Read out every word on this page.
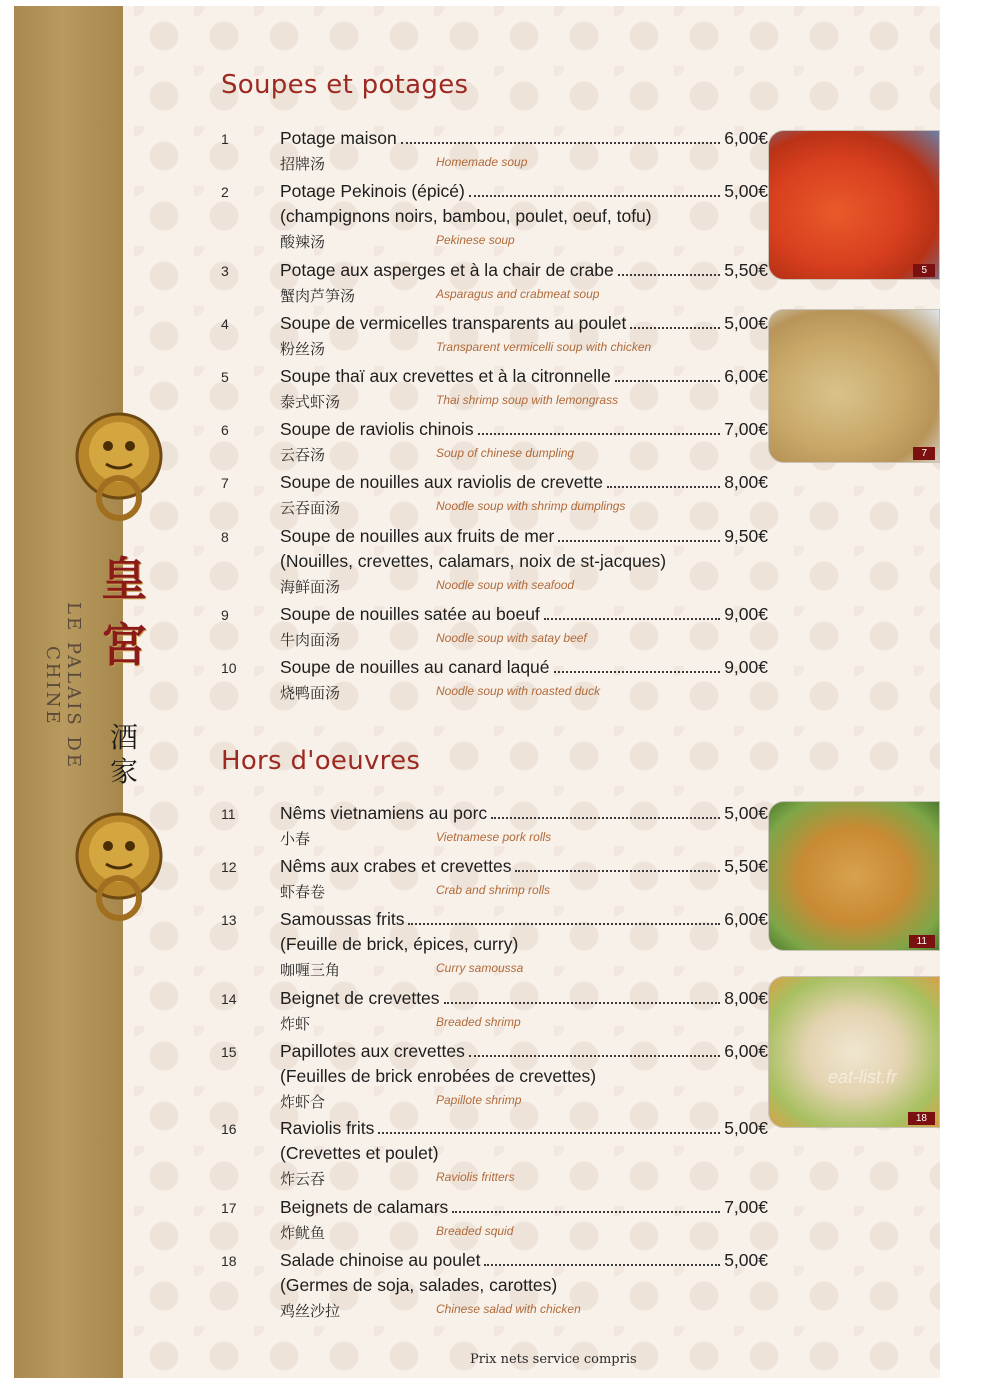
LE PALAIS DE CHINE
皇宮
酒家
Soupes et potages
Hors d'oeuvres
1	Potage maison	6,00€
招牌汤	Homemade soup
2	Potage Pekinois (épicé)	5,00€
(champignons noirs, bambou, poulet, oeuf, tofu)
酸辣汤	Pekinese soup
3	Potage aux asperges et à la chair de crabe	5,50€
蟹肉芦笋汤	Asparagus and crabmeat soup
4	Soupe de vermicelles transparents au poulet	5,00€
粉丝汤	Transparent vermicelli soup with chicken
5	Soupe thaï aux crevettes et à la citronnelle	6,00€
泰式虾汤	Thai shrimp soup with lemongrass
6	Soupe de raviolis chinois	7,00€
云吞汤	Soup of chinese dumpling
7	Soupe de nouilles aux raviolis de crevette	8,00€
云吞面汤	Noodle soup with shrimp dumplings
8	Soupe de nouilles aux fruits de mer	9,50€
(Nouilles, crevettes, calamars, noix de st-jacques)
海鲜面汤	Noodle soup with seafood
9	Soupe de nouilles satée au boeuf	9,00€
牛肉面汤	Noodle soup with satay beef
10	Soupe de nouilles au canard laqué	9,00€
烧鸭面汤	Noodle soup with roasted duck
11	Nêms vietnamiens au porc	5,00€
小春	Vietnamese pork rolls
12	Nêms aux crabes et crevettes	5,50€
虾春卷	Crab and shrimp rolls
13	Samoussas frits	6,00€
(Feuille de brick, épices, curry)
咖喱三角	Curry samoussa
14	Beignet de crevettes	8,00€
炸虾	Breaded shrimp
15	Papillotes aux crevettes	6,00€
(Feuilles de brick enrobées de crevettes)
炸虾合	Papillote shrimp
16	Raviolis frits	5,00€
(Crevettes et poulet)
炸云吞	Raviolis fritters
17	Beignets de calamars	7,00€
炸鱿鱼	Breaded squid
18	Salade chinoise au poulet	5,00€
(Germes de soja, salades, carottes)
鸡丝沙拉	Chinese salad with chicken
5
7
11
18
eat-list.fr
Prix nets service compris
